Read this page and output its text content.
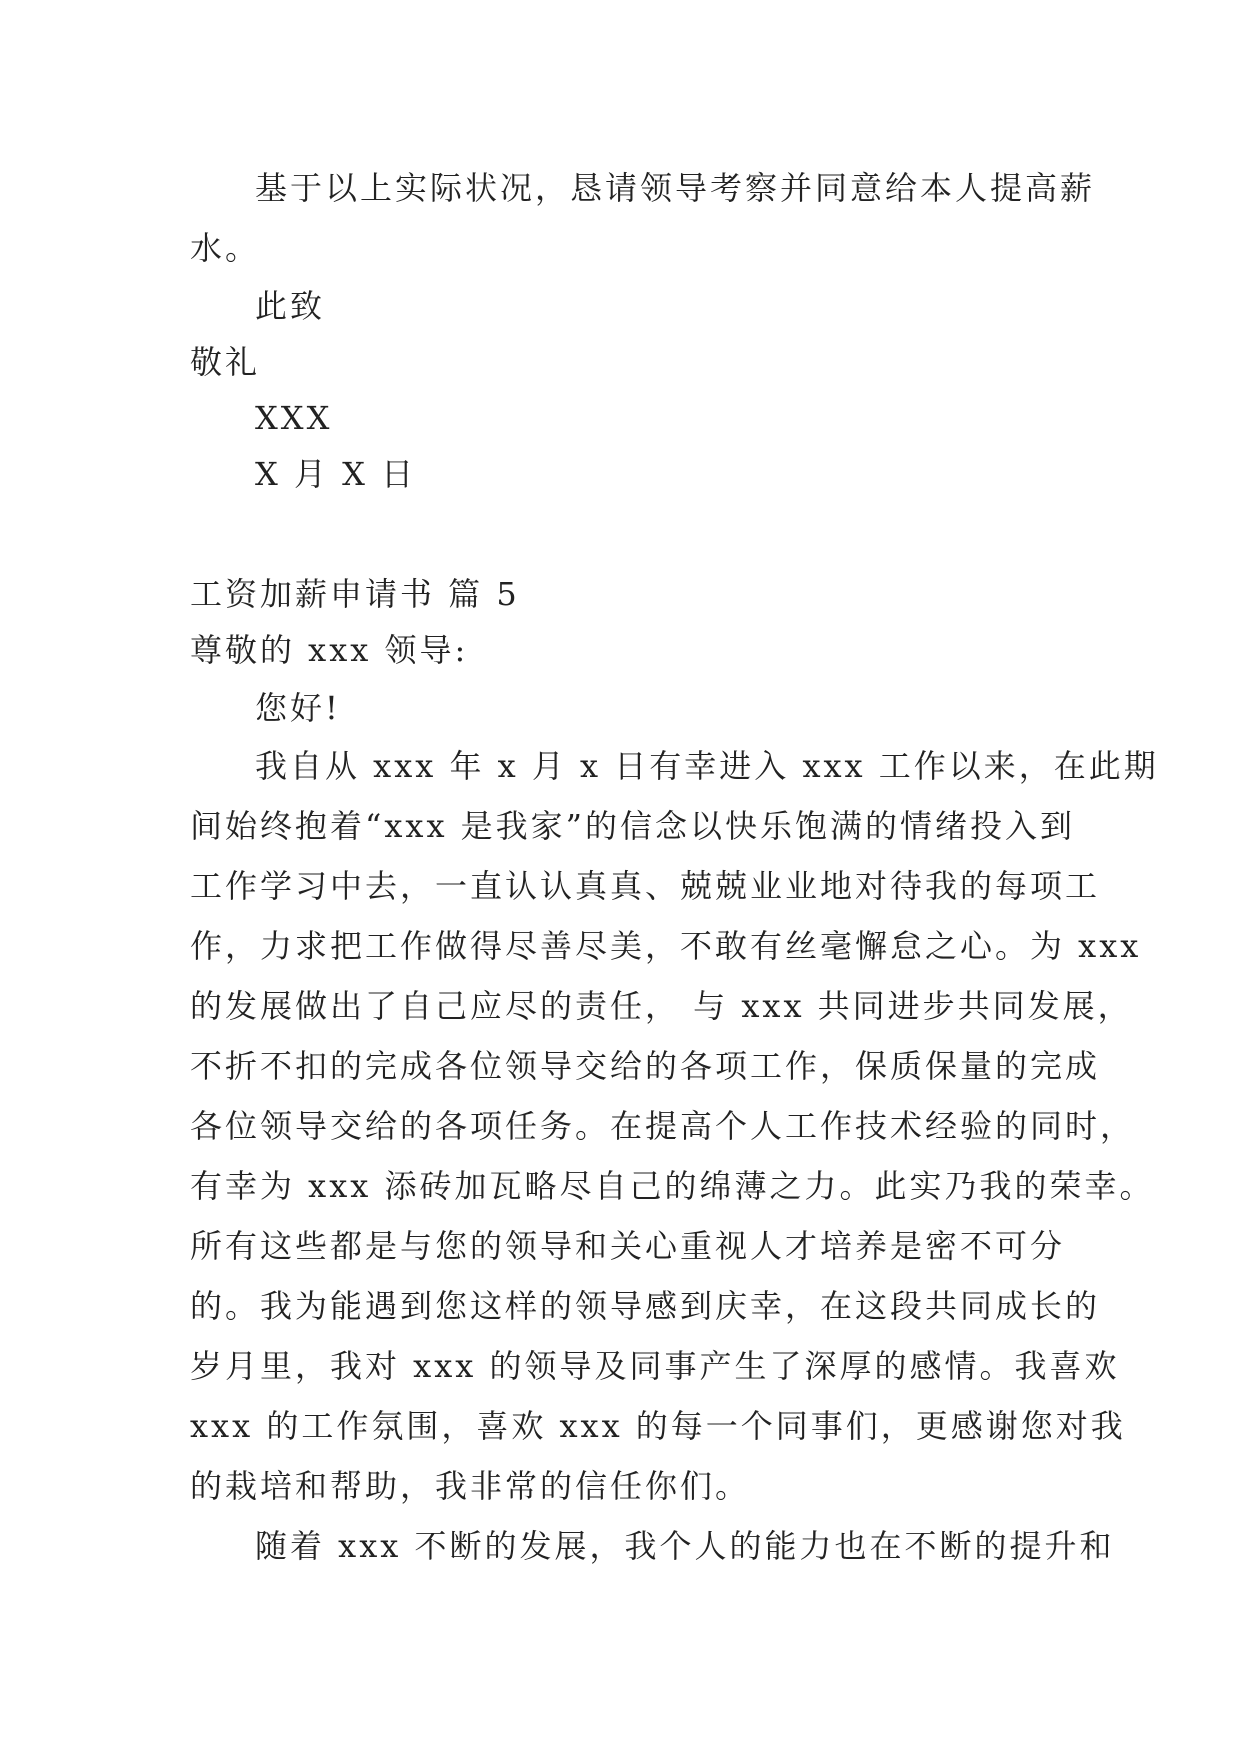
基于以上实际状况，恳请领导考察并同意给本人提高薪
水。
此致
敬礼
XXX
X 月 X 日
工资加薪申请书 篇 5
尊敬的 xxx 领导:
您好!
我自从 xxx 年 x 月 x 日有幸进入 xxx 工作以来，在此期
间始终抱着“xxx 是我家”的信念以快乐饱满的情绪投入到
工作学习中去，一直认认真真、兢兢业业地对待我的每项工
作，力求把工作做得尽善尽美，不敢有丝毫懈怠之心。为 xxx
的发展做出了自己应尽的责任， 与 xxx 共同进步共同发展，
不折不扣的完成各位领导交给的各项工作，保质保量的完成
各位领导交给的各项任务。在提高个人工作技术经验的同时，
有幸为 xxx 添砖加瓦略尽自己的绵薄之力。此实乃我的荣幸。
所有这些都是与您的领导和关心重视人才培养是密不可分
的。我为能遇到您这样的领导感到庆幸，在这段共同成长的
岁月里，我对 xxx 的领导及同事产生了深厚的感情。我喜欢
xxx 的工作氛围，喜欢 xxx 的每一个同事们，更感谢您对我
的栽培和帮助，我非常的信任你们。
随着 xxx 不断的发展，我个人的能力也在不断的提升和
